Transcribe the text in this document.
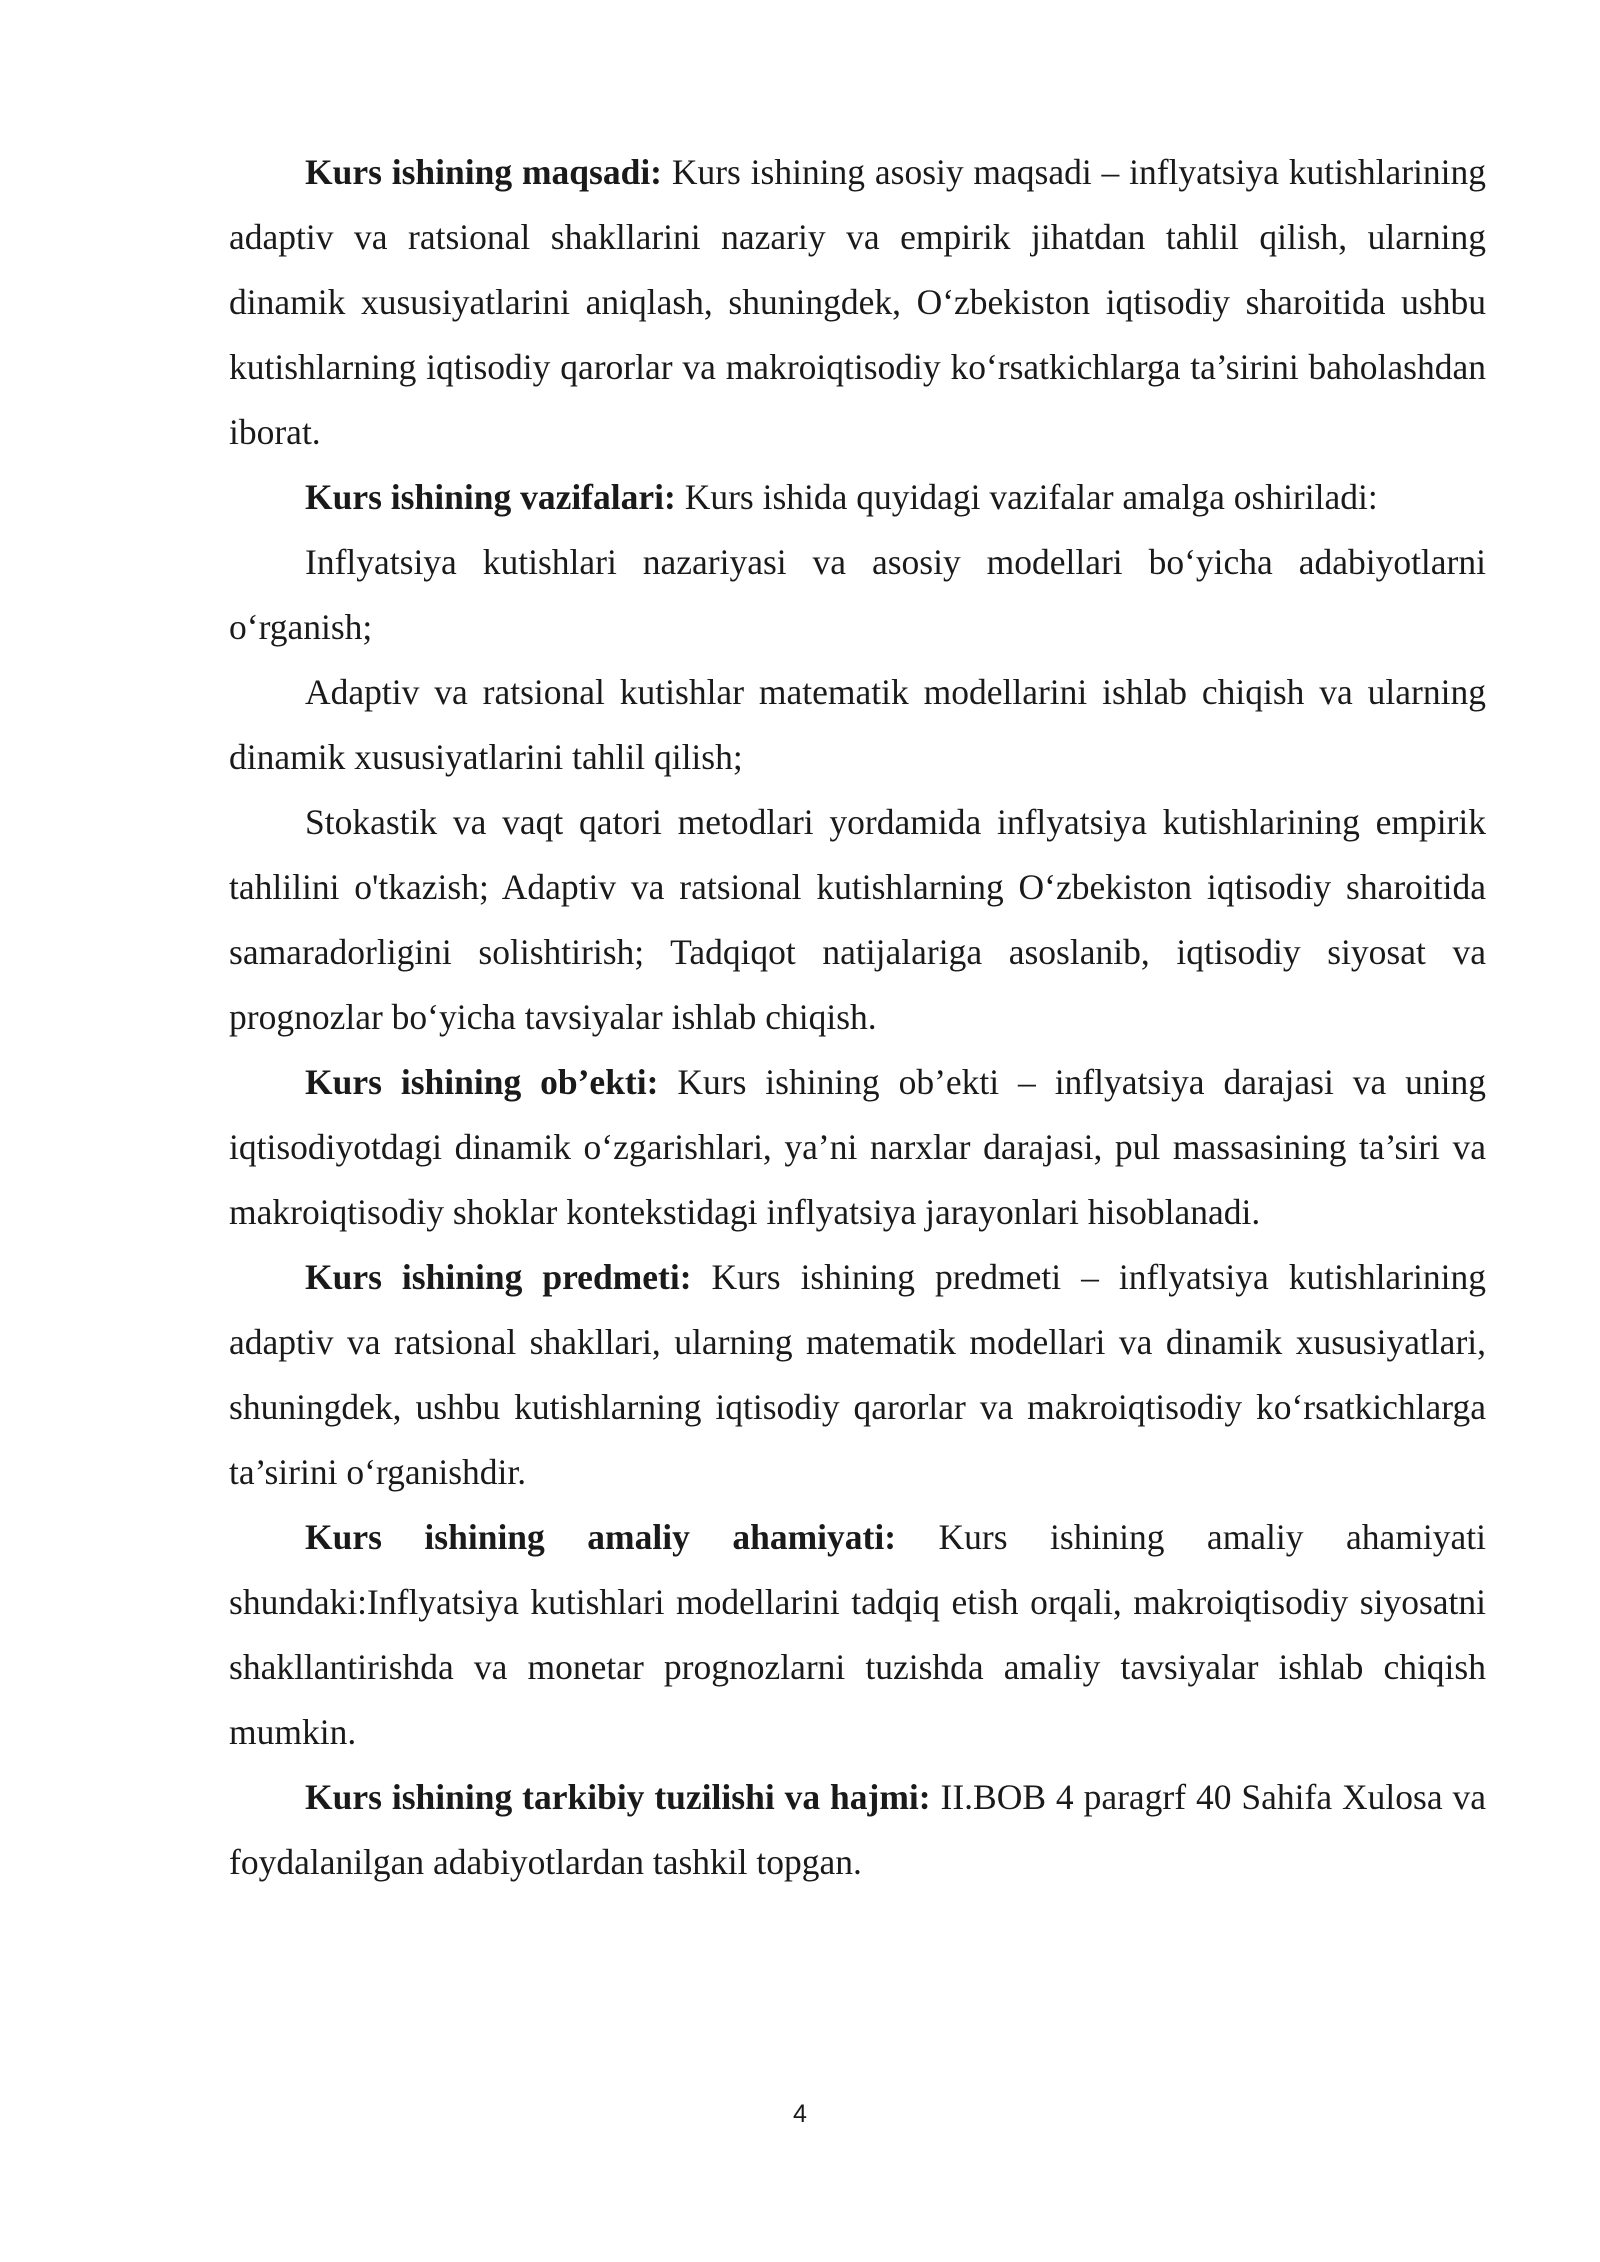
Kurs ishining maqsadi: Kurs ishining asosiy maqsadi – inflyatsiya kutishlarining adaptiv va ratsional shakllarini nazariy va empirik jihatdan tahlil qilish, ularning dinamik xususiyatlarini aniqlash, shuningdek, O‘zbekiston iqtisodiy sharoitida ushbu kutishlarning iqtisodiy qarorlar va makroiqtisodiy ko‘rsatkichlarga ta’sirini baholashdan iborat.

Kurs ishining vazifalari: Kurs ishida quyidagi vazifalar amalga oshiriladi:

Inflyatsiya kutishlari nazariyasi va asosiy modellari bo‘yicha adabiyotlarni o‘rganish;

Adaptiv va ratsional kutishlar matematik modellarini ishlab chiqish va ularning dinamik xususiyatlarini tahlil qilish;

Stokastik va vaqt qatori metodlari yordamida inflyatsiya kutishlarining empirik tahlilini o'tkazish; Adaptiv va ratsional kutishlarning O‘zbekiston iqtisodiy sharoitida samaradorligini solishtirish; Tadqiqot natijalariga asoslanib, iqtisodiy siyosat va prognozlar bo‘yicha tavsiyalar ishlab chiqish.

Kurs ishining ob’ekti: Kurs ishining ob’ekti – inflyatsiya darajasi va uning iqtisodiyotdagi dinamik o‘zgarishlari, ya’ni narxlar darajasi, pul massasining ta’siri va makroiqtisodiy shoklar kontekstidagi inflyatsiya jarayonlari hisoblanadi.

Kurs ishining predmeti: Kurs ishining predmeti – inflyatsiya kutishlarining adaptiv va ratsional shakllari, ularning matematik modellari va dinamik xususiyatlari, shuningdek, ushbu kutishlarning iqtisodiy qarorlar va makroiqtisodiy ko‘rsatkichlarga ta’sirini o‘rganishdir.

Kurs ishining amaliy ahamiyati: Kurs ishining amaliy ahamiyati shundaki:Inflyatsiya kutishlari modellarini tadqiq etish orqali, makroiqtisodiy siyosatni shakllantirishda va monetar prognozlarni tuzishda amaliy tavsiyalar ishlab chiqish mumkin.

Kurs ishining tarkibiy tuzilishi va hajmi: II.BOB 4 paragrf 40 Sahifa Xulosa va foydalanilgan adabiyotlardan tashkil topgan.

4
